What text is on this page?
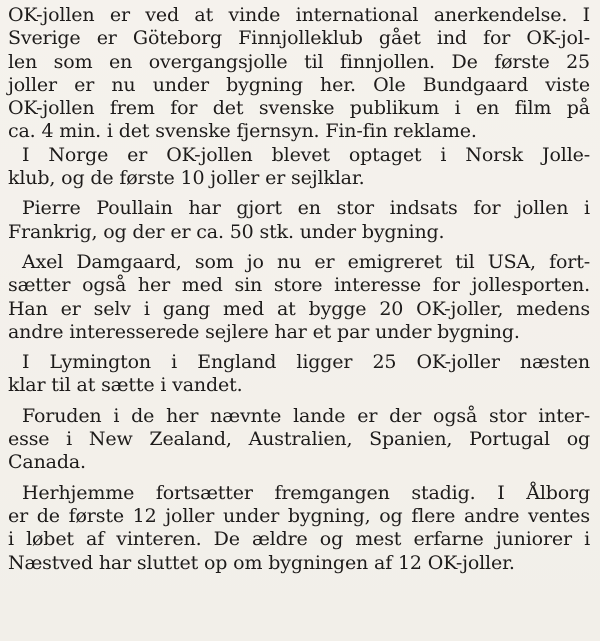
OK-jollen er ved at vinde international anerkendelse. I
Sverige er Göteborg Finnjolleklub gået ind for OK-jol-
len som en overgangsjolle til finnjollen. De første 25
joller er nu under bygning her. Ole Bundgaard viste
OK-jollen frem for det svenske publikum i en film på
ca. 4 min. i det svenske fjernsyn. Fin-fin reklame.
I Norge er OK-jollen blevet optaget i Norsk Jolle-
klub, og de første 10 joller er sejlklar.
Pierre Poullain har gjort en stor indsats for jollen i
Frankrig, og der er ca. 50 stk. under bygning.
Axel Damgaard, som jo nu er emigreret til USA, fort-
sætter også her med sin store interesse for jollesporten.
Han er selv i gang med at bygge 20 OK-joller, medens
andre interesserede sejlere har et par under bygning.
I Lymington i England ligger 25 OK-joller næsten
klar til at sætte i vandet.
Foruden i de her nævnte lande er der også stor inter-
esse i New Zealand, Australien, Spanien, Portugal og
Canada.
Herhjemme fortsætter fremgangen stadig. I Ålborg
er de første 12 joller under bygning, og flere andre ventes
i løbet af vinteren. De ældre og mest erfarne juniorer i
Næstved har sluttet op om bygningen af 12 OK-joller.
